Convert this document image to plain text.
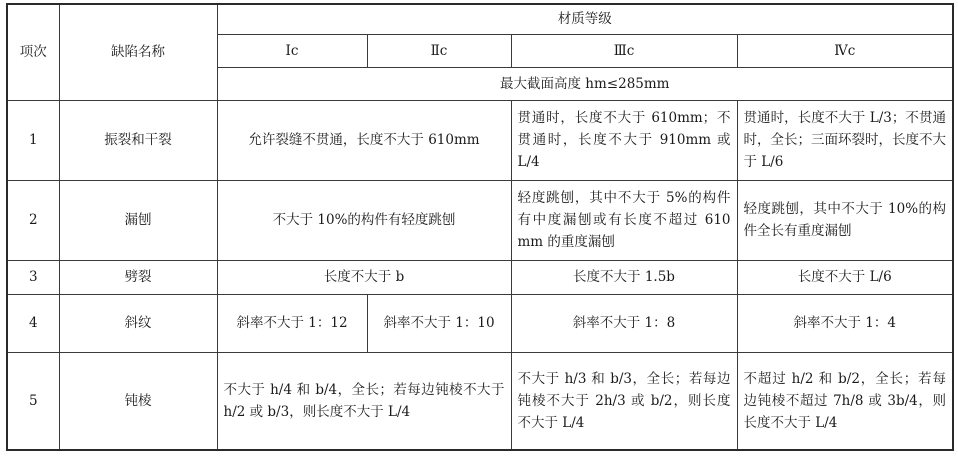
项次	缺陷名称	材质等级			
		Ⅰc	Ⅱc	Ⅲc	Ⅳc
		最大截面高度 hm≤285mm			
1	振裂和干裂	允许裂缝不贯通，长度不大于 610mm		贯通时，长度不大于 610mm；不贯通时，长度不大于 910mm 或 L/4	贯通时，长度不大于 L/3；不贯通时，全长；三面环裂时，长度不大于 L/6
2	漏刨	不大于 10%的构件有轻度跳刨		轻度跳刨，其中不大于 5%的构件有中度漏刨或有长度不超过 610 mm 的重度漏刨	轻度跳刨，其中不大于 10%的构件全长有重度漏刨
3	劈裂	长度不大于 b		长度不大于 1.5b	长度不大于 L/6
4	斜纹	斜率不大于 1：12	斜率不大于 1：10	斜率不大于 1：8	斜率不大于 1：4
5	钝棱	不大于 h/4 和 b/4，全长；若每边钝棱不大于 h/2 或 b/3，则长度不大于 L/4		不大于 h/3 和 b/3，全长；若每边钝棱不大于 2h/3 或 b/2，则长度不大于 L/4	不超过 h/2 和 b/2，全长；若每边钝棱不超过 7h/8 或 3b/4，则长度不大于 L/4
